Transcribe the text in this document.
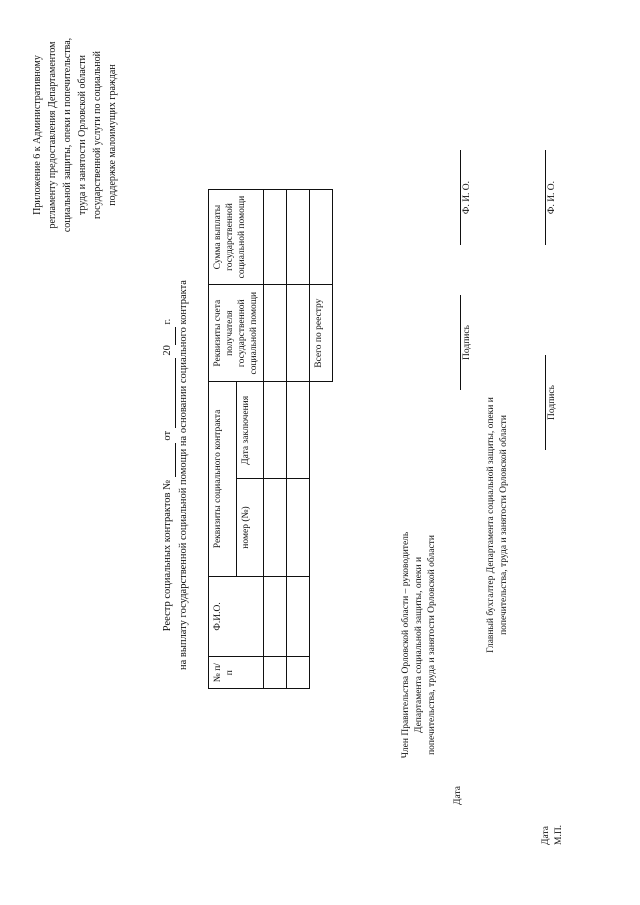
Приложение 6 к Административному регламенту предоставления Департаментом социальной защиты, опеки и попечительства, труда и занятости Орловской области государственной услуги по социальной поддержке малоимущих граждан

Реестр социальных контрактов №  от  20 г. на выплату государственной социальной помощи на основании социального контракта
№ п/п	Ф.И.О.	Реквизиты социального контракта		Реквизиты счета получателя государственной социальной помощи	Сумма выплаты государственной социальной помощи
		номер (№)	Дата заключения		

				Всего по реестру	
Член Правительства Орловской области – руководитель Департамента социальной защиты, опеки и попечительства, труда и занятости Орловской области
Дата
Подпись
Ф. И. О.
Главный бухгалтер Департамента социальной защиты, опеки и попечительства, труда и занятости Орловской области
Дата М.П.
Подпись
Ф. И. О.
